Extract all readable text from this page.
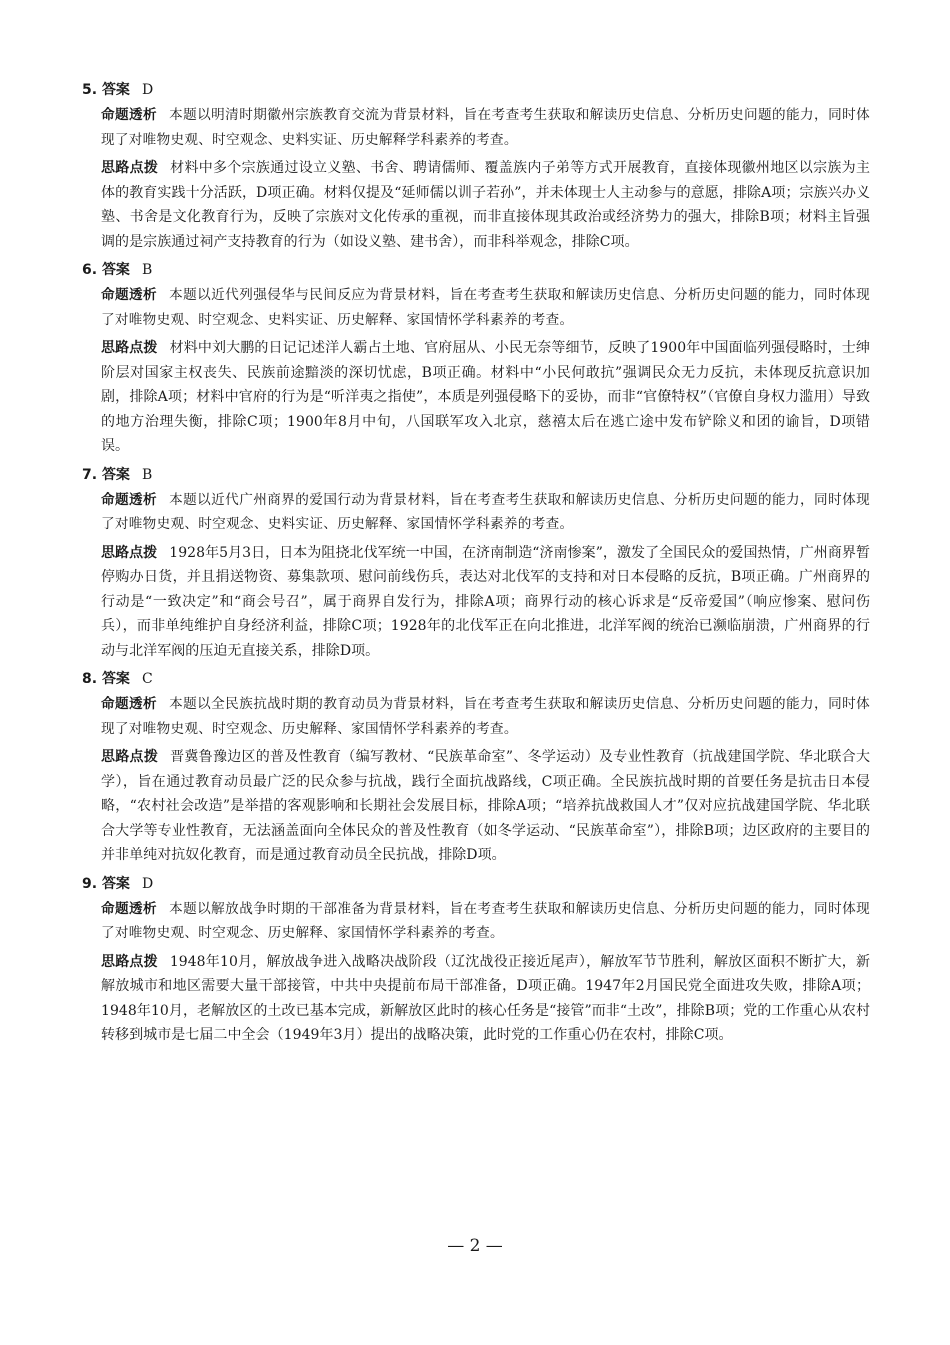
5. 答案 D

命题透析 本题以明清时期徽州宗族教育交流为背景材料，旨在考查考生获取和解读历史信息、分析历史问题的能力，同时体现了对唯物史观、时空观念、史料实证、历史解释学科素养的考查。

思路点拨 材料中多个宗族通过设立义塾、书舍、聘请儒师、覆盖族内子弟等方式开展教育，直接体现徽州地区以宗族为主体的教育实践十分活跃，D项正确。材料仅提及“延师儒以训子若孙”，并未体现士人主动参与的意愿，排除A项；宗族兴办义塾、书舍是文化教育行为，反映了宗族对文化传承的重视，而非直接体现其政治或经济势力的强大，排除B项；材料主旨强调的是宗族通过祠产支持教育的行为（如设义塾、建书舍），而非科举观念，排除C项。

6. 答案 B

命题透析 本题以近代列强侵华与民间反应为背景材料，旨在考查考生获取和解读历史信息、分析历史问题的能力，同时体现了对唯物史观、时空观念、史料实证、历史解释、家国情怀学科素养的考查。

思路点拨 材料中刘大鹏的日记记述洋人霸占土地、官府屈从、小民无奈等细节，反映了1900年中国面临列强侵略时，士绅阶层对国家主权丧失、民族前途黯淡的深切忧虑，B项正确。材料中“小民何敢抗”强调民众无力反抗，未体现反抗意识加剧，排除A项；材料中官府的行为是“听洋夷之指使”，本质是列强侵略下的妥协，而非“官僚特权”（官僚自身权力滥用）导致的地方治理失衡，排除C项；1900年8月中旬，八国联军攻入北京，慈禧太后在逃亡途中发布铲除义和团的谕旨，D项错误。

7. 答案 B

命题透析 本题以近代广州商界的爱国行动为背景材料，旨在考查考生获取和解读历史信息、分析历史问题的能力，同时体现了对唯物史观、时空观念、史料实证、历史解释、家国情怀学科素养的考查。

思路点拨 1928年5月3日，日本为阻挠北伐军统一中国，在济南制造“济南惨案”，激发了全国民众的爱国热情，广州商界暂停购办日货，并且捐送物资、募集款项、慰问前线伤兵，表达对北伐军的支持和对日本侵略的反抗，B项正确。广州商界的行动是“一致决定”和“商会号召”，属于商界自发行为，排除A项；商界行动的核心诉求是“反帝爱国”（响应惨案、慰问伤兵），而非单纯维护自身经济利益，排除C项；1928年的北伐军正在向北推进，北洋军阀的统治已濒临崩溃，广州商界的行动与北洋军阀的压迫无直接关系，排除D项。

8. 答案 C

命题透析 本题以全民族抗战时期的教育动员为背景材料，旨在考查考生获取和解读历史信息、分析历史问题的能力，同时体现了对唯物史观、时空观念、历史解释、家国情怀学科素养的考查。

思路点拨 晋冀鲁豫边区的普及性教育（编写教材、“民族革命室”、冬学运动）及专业性教育（抗战建国学院、华北联合大学），旨在通过教育动员最广泛的民众参与抗战，践行全面抗战路线，C项正确。全民族抗战时期的首要任务是抗击日本侵略，“农村社会改造”是举措的客观影响和长期社会发展目标，排除A项；“培养抗战救国人才”仅对应抗战建国学院、华北联合大学等专业性教育，无法涵盖面向全体民众的普及性教育（如冬学运动、“民族革命室”），排除B项；边区政府的主要目的并非单纯对抗奴化教育，而是通过教育动员全民抗战，排除D项。

9. 答案 D

命题透析 本题以解放战争时期的干部准备为背景材料，旨在考查考生获取和解读历史信息、分析历史问题的能力，同时体现了对唯物史观、时空观念、历史解释、家国情怀学科素养的考查。

思路点拨 1948年10月，解放战争进入战略决战阶段（辽沈战役正接近尾声），解放军节节胜利，解放区面积不断扩大，新解放城市和地区需要大量干部接管，中共中央提前布局干部准备，D项正确。1947年2月国民党全面进攻失败，排除A项；1948年10月，老解放区的土改已基本完成，新解放区此时的核心任务是“接管”而非“土改”，排除B项；党的工作重心从农村转移到城市是七届二中全会（1949年3月）提出的战略决策，此时党的工作重心仍在农村，排除C项。

— 2 —
